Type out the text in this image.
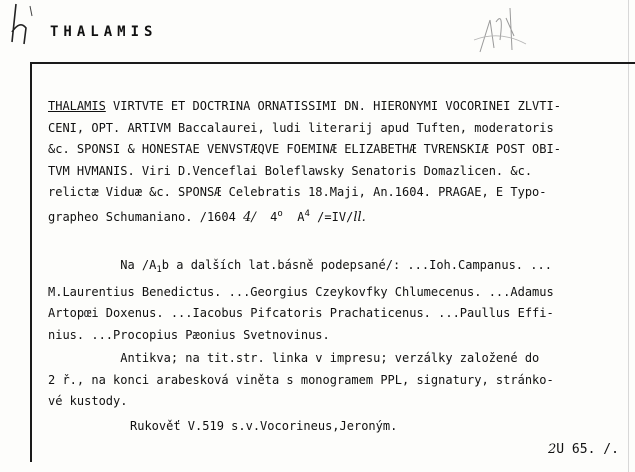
THALAMIS
THALAMIS VIRTVTE ET DOCTRINA ORNATISSIMI DN. HIERONYMI VOCORINEI ZLVTI-
CENI, OPT. ARTIVM Baccalaurei, ludi literarij apud Tuften, moderatoris
&c. SPONSI & HONESTAE VENVSTÆQVE FOEMINÆ ELIZABETHÆ TVRENSKIÆ POST OBI-
TVM HVMANIS. Viri D.Venceflai Boleflawsky Senatoris Domazlicen. &c.
relictæ Viduæ &c. SPONSÆ Celebratis 18.Maji, An.1604. PRAGAE, E Typo-
grapheo Schumaniano. /1604 4/  4$^o$  $A^4$ /=IV/ll.
Na $/A_1b$ a dalších lat.básně podepsané/: ...Ioh.Campanus. ...
M.Laurentius Benedictus. ...Georgius Czeykovfky Chlumecenus. ...Adamus
Artopœi Doxenus. ...Iacobus Pifcatoris Prachaticenus. ...Paullus Effi-
nius. ...Procopius Pæonius Svetnovinus.
Antikva; na tit.str. linka v impresu; verzálky založené do
2 ř., na konci arabesková viněta s monogramem PPL, signatury, stránko-
vé kustody.
Rukověť V.519 s.v.Vocorineus,Jeroným.
2U 65. /.
